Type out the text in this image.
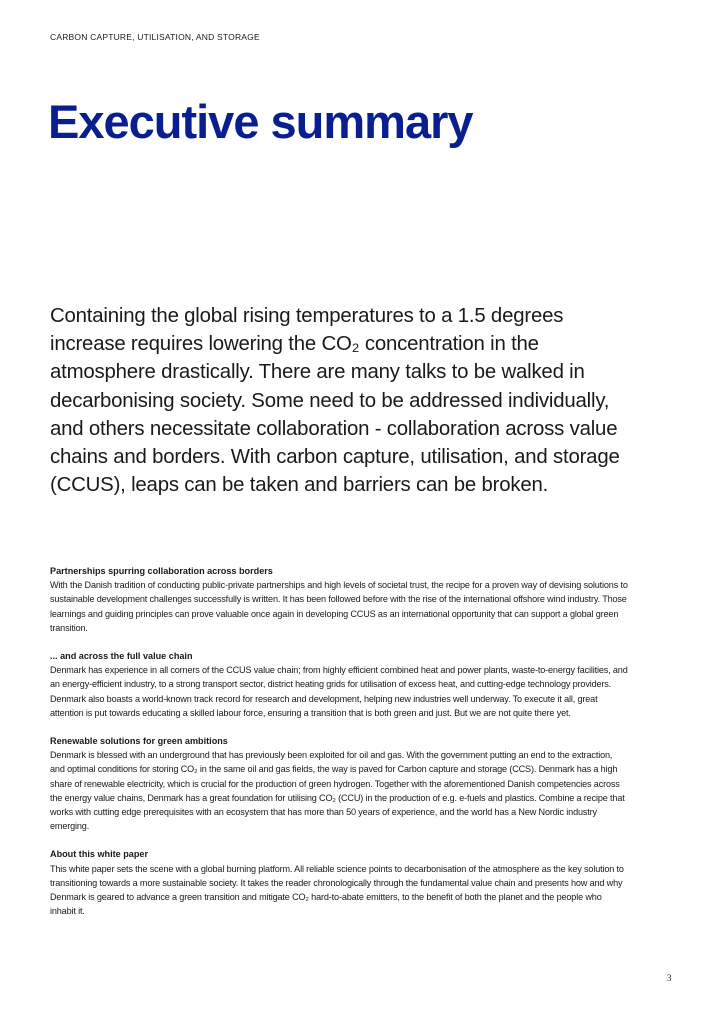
CARBON CAPTURE, UTILISATION, AND STORAGE
Executive summary

Containing the global rising temperatures to a 1.5 degrees increase requires lowering the CO₂ concentration in the atmosphere drastically. There are many talks to be walked in decarbonising society. Some need to be addressed individually, and others necessitate collaboration - collaboration across value chains and borders. With carbon capture, utilisation, and storage (CCUS), leaps can be taken and barriers can be broken.

Partnerships spurring collaboration across borders

With the Danish tradition of conducting public-private partnerships and high levels of societal trust, the recipe for a proven way of devising solutions to sustainable development challenges successfully is written. It has been followed before with the rise of the international offshore wind industry. Those learnings and guiding principles can prove valuable once again in developing CCUS as an international opportunity that can support a global green transition.

... and across the full value chain

Denmark has experience in all corners of the CCUS value chain; from highly efficient combined heat and power plants, waste-to-energy facilities, and an energy-efficient industry, to a strong transport sector, district heating grids for utilisation of excess heat, and cutting-edge technology providers. Denmark also boasts a world-known track record for research and development, helping new industries well underway. To execute it all, great attention is put towards educating a skilled labour force, ensuring a transition that is both green and just. But we are not quite there yet.

Renewable solutions for green ambitions

Denmark is blessed with an underground that has previously been exploited for oil and gas. With the government putting an end to the extraction, and optimal conditions for storing CO₂ in the same oil and gas fields, the way is paved for Carbon capture and storage (CCS). Denmark has a high share of renewable electricity, which is crucial for the production of green hydrogen. Together with the aforementioned Danish competencies across the energy value chains, Denmark has a great foundation for utilising CO₂ (CCU) in the production of e.g. e-fuels and plastics. Combine a recipe that works with cutting edge prerequisites with an ecosystem that has more than 50 years of experience, and the world has a New Nordic industry emerging.

About this white paper

This white paper sets the scene with a global burning platform. All reliable science points to decarbonisation of the atmosphere as the key solution to transitioning towards a more sustainable society. It takes the reader chronologically through the fundamental value chain and presents how and why Denmark is geared to advance a green transition and mitigate CO₂ hard-to-abate emitters, to the benefit of both the planet and the people who inhabit it.

3
